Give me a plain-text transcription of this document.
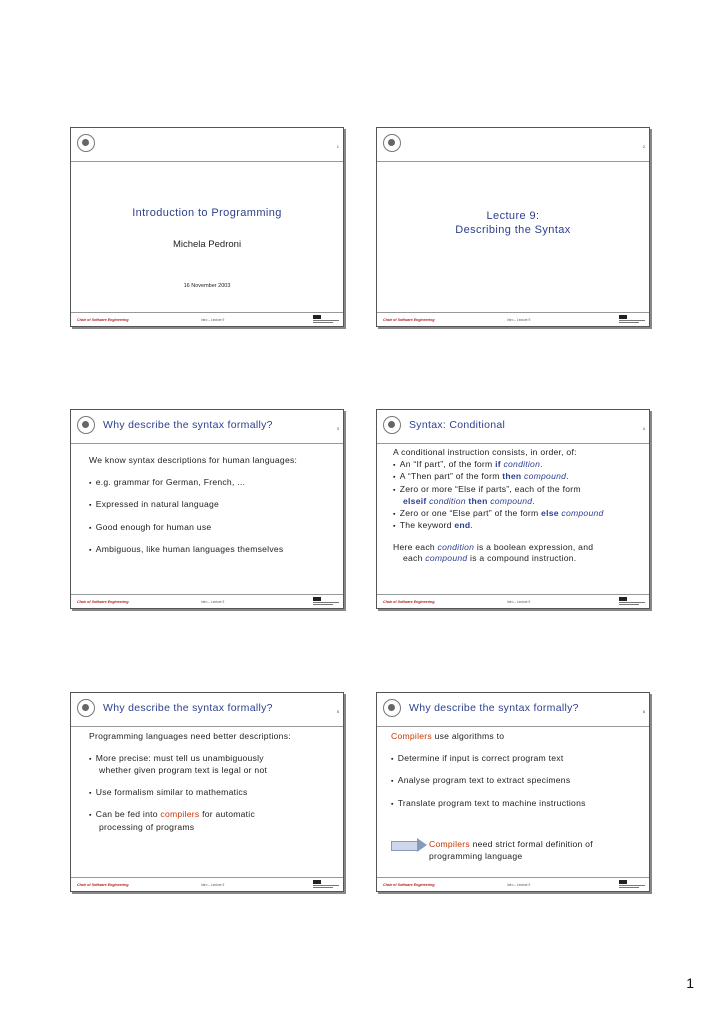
1
Introduction to Programming
Michela Pedroni
16 November 2003
Chair of Software Engineering	Intro – Lecture 9
2
Lecture 9:
Describing the Syntax
Chair of Software Engineering	Intro – Lecture 9
Why describe the syntax formally?	3
We know syntax descriptions for human languages:
▪ e.g. grammar for German, French, ...
▪ Expressed in natural language
▪ Good enough for human use
▪ Ambiguous, like human languages themselves
Chair of Software Engineering	Intro – Lecture 9
Syntax: Conditional	4
A conditional instruction consists, in order, of:
▪ An “If part”, of the form if condition.
▪ A “Then part” of the form then compound.
▪ Zero or more “Else if parts”, each of the form
elseif condition then compound.
▪ Zero or one “Else part” of the form else compound
▪ The keyword end.
Here each condition is a boolean expression, and
each compound is a compound instruction.
Chair of Software Engineering	Intro – Lecture 9
Why describe the syntax formally?	5
Programming languages need better descriptions:
▪ More precise: must tell us unambiguously
whether given program text is legal or not
▪ Use formalism similar to mathematics
▪ Can be fed into compilers for automatic
processing of programs
Chair of Software Engineering	Intro – Lecture 9
Why describe the syntax formally?	6
Compilers use algorithms to
▪ Determine if input is correct program text
▪ Analyse program text to extract specimens
▪ Translate program text to machine instructions
Compilers need strict formal definition of
programming language
Chair of Software Engineering	Intro – Lecture 9
1
